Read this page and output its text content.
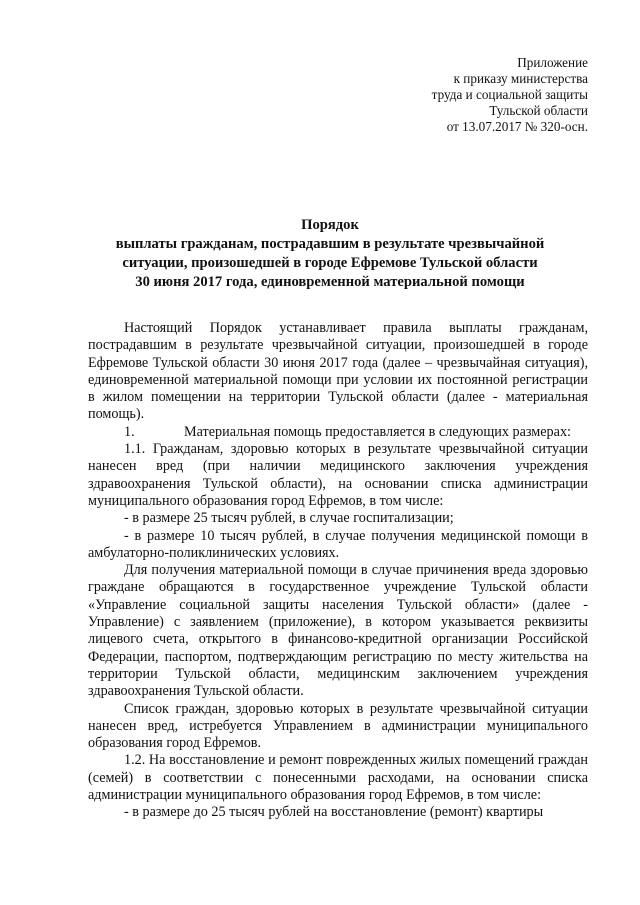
Приложение
к приказу министерства
труда и социальной защиты
Тульской области
от 13.07.2017 № 320-осн.
Порядок
выплаты гражданам, пострадавшим в результате чрезвычайной
ситуации, произошедшей в городе Ефремове Тульской области
30 июня 2017 года, единовременной материальной помощи

Настоящий Порядок устанавливает правила выплаты гражданам, пострадавшим в результате чрезвычайной ситуации, произошедшей в городе Ефремове Тульской области 30 июня 2017 года (далее – чрезвычайная ситуация), единовременной материальной помощи при условии их постоянной регистрации в жилом помещении на территории Тульской области (далее - материальная помощь).

1.	Материальная помощь предоставляется в следующих размерах:

1.1. Гражданам, здоровью которых в результате чрезвычайной ситуации нанесен вред (при наличии медицинского заключения учреждения здравоохранения Тульской области), на основании списка администрации муниципального образования город Ефремов, в том числе:

- в размере 25 тысяч рублей, в случае госпитализации;

- в размере 10 тысяч рублей, в случае получения медицинской помощи в амбулаторно-поликлинических условиях.

Для получения материальной помощи в случае причинения вреда здоровью граждане обращаются в государственное учреждение Тульской области «Управление социальной защиты населения Тульской области» (далее - Управление) с заявлением (приложение), в котором указывается реквизиты лицевого счета, открытого в финансово-кредитной организации Российской Федерации, паспортом, подтверждающим регистрацию по месту жительства на территории Тульской области, медицинским заключением учреждения здравоохранения Тульской области.

Список граждан, здоровью которых в результате чрезвычайной ситуации нанесен вред, истребуется Управлением в администрации муниципального образования город Ефремов.

1.2. На восстановление и ремонт поврежденных жилых помещений граждан (семей) в соответствии с понесенными расходами, на основании списка администрации муниципального образования город Ефремов, в том числе:

- в размере до 25 тысяч рублей на восстановление (ремонт) квартиры
